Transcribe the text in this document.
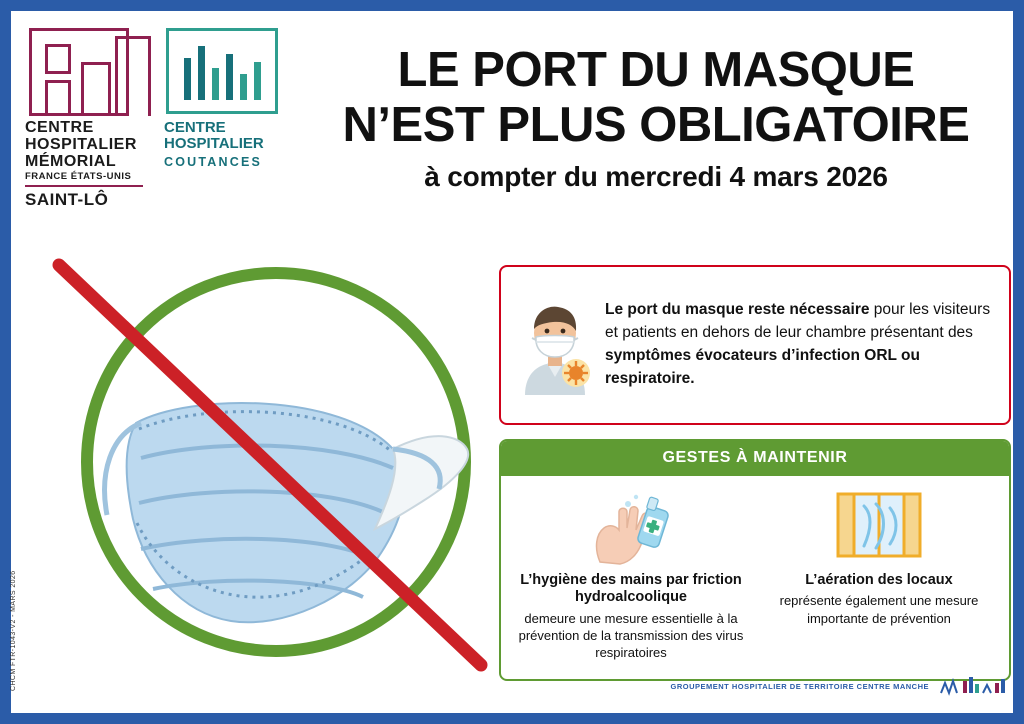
CENTRE
HOSPITALIER
MÉMORIAL
FRANCE ÉTATS-UNIS
SAINT-LÔ
CENTRE
HOSPITALIER
COUTANCES
LE PORT DU MASQUE
N’EST PLUS OBLIGATOIRE
à compter du mercredi 4 mars 2026
Le port du masque reste nécessaire pour les visiteurs et patients en dehors de leur chambre présentant des symptômes évocateurs d’infection ORL ou respiratoire.
GESTES À MAINTENIR
L’hygiène des mains par friction hydroalcoolique
demeure une mesure essentielle à la prévention de la transmission des virus respiratoires
L’aération des locaux
représente également une mesure importante de prévention
GROUPEMENT HOSPITALIER DE TERRITOIRE CENTRE MANCHE
CHCM FTR-1043-V2 - MARS 2026
